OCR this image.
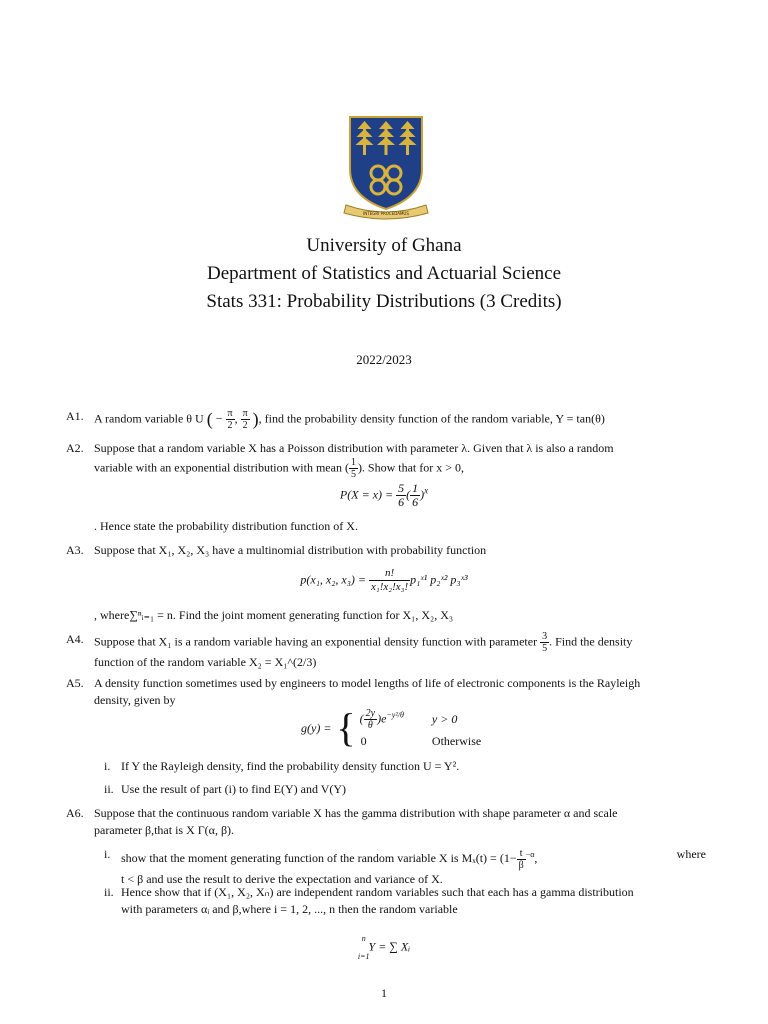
INTEGRI PROCEDAMUS
University of Ghana
Department of Statistics and Actuarial Science
Stats 331: Probability Distributions (3 Credits)
2022/2023
A1. A random variable θ U ( − $\frac{\pi}{2}$ , $\frac{\pi}{2}$ ), find the probability density function of the random variable, Y = tan(θ)
A2. Suppose that a random variable X has a Poisson distribution with parameter λ. Given that λ is also a random
variable with an exponential distribution with mean ( $\frac{1}{5}$ ). Show that for x > 0,
$P(X = x) = \frac{5}{6}$ ( $\frac{1}{6} )^x$
. Hence state the probability distribution function of X.
A3. Suppose that X₁, X₂, X₃ have a multinomial distribution with probability function
p(x₁, x₂, $x_3) = \frac{n!}{\text{x₁!x₂!x₃!}}$ p₁ˣ¹ p₂ˣ² p₃ˣ³
, where∑ⁿᵢ₌₁ = n. Find the joint moment generating function for X₁, X₂, X₃
A4. Suppose that X₁ is a random variable having an exponential density function with parameter $\frac{3}{5}$ . Find the density
function of the random variable X₂ = X₁^(2/3)
A5. A density function sometimes used by engineers to model lengths of life of electronic components is the Rayleigh
density, given by
g(y) =	{	( $\frac{2y}{\theta} )e^{-y^2/\theta}$	y > 0
		0	Otherwise
i. If Y the Rayleigh density, find the probability density function U = Y².
ii. Use the result of part (i) to find E(Y) and V(Y)
A6. Suppose that the continuous random variable X has the gamma distribution with shape parameter α and scale
parameter β,that is X Γ(α, β).
i. show that the moment generating function of the random variable X is $M_x(t) = (1- \frac{t}{\beta} ^{-\alpha}$,	where
t < β and use the result to derive the expectation and variance of X.
ii. Hence show that if (X₁, X₂, Xₙ) are independent random variables such that each has a gamma distribution
with parameters αᵢ and β,where i = 1, 2, ..., n then the random variable
n

i=1 Y = ∑ Xᵢ
1
